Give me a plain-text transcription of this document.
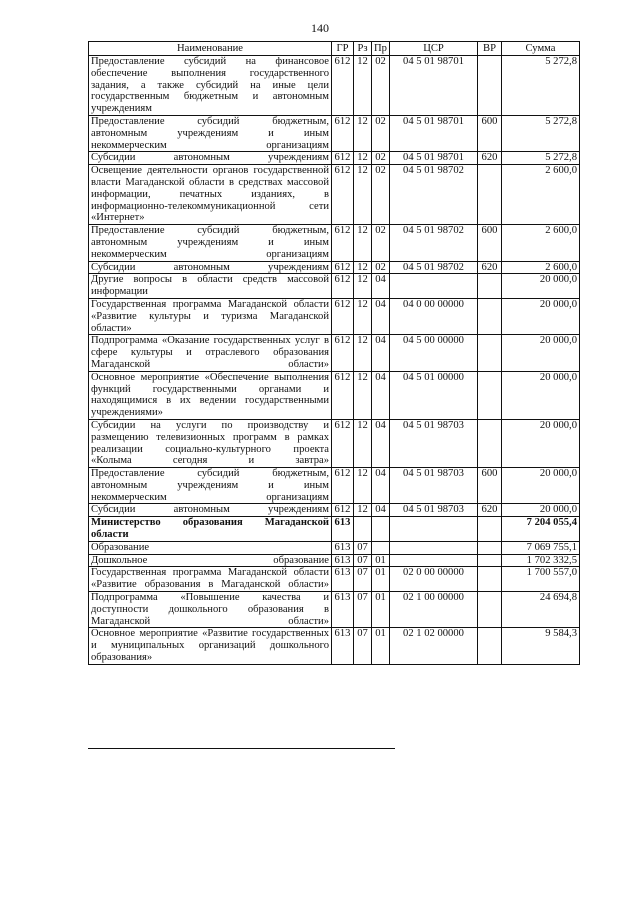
140
Наименование	ГР	Рз	Пр	ЦСР	ВР	Сумма

Предоставление субсидий на финансовое обеспечение выполнения государственного задания, а также субсидий на иные цели государственным бюджетным и автономным учреждениям	612	12	02	04 5 01 98701		5 272,8

Предоставление субсидий бюджетным, автономным учреждениям и иным некоммерческим организациям	612	12	02	04 5 01 98701	600	5 272,8

Субсидии автономным учреждениям	612	12	02	04 5 01 98701	620	5 272,8

Освещение деятельности органов государственной власти Магаданской области в средствах массовой информации, печатных изданиях, в информационно-телекоммуникационной сети «Интернет»	612	12	02	04 5 01 98702		2 600,0

Предоставление субсидий бюджетным, автономным учреждениям и иным некоммерческим организациям	612	12	02	04 5 01 98702	600	2 600,0

Субсидии автономным учреждениям	612	12	02	04 5 01 98702	620	2 600,0

Другие вопросы в области средств массовой информации	612	12	04			20 000,0

Государственная программа Магаданской области «Развитие культуры и туризма Магаданской области»	612	12	04	04 0 00 00000		20 000,0

Подпрограмма «Оказание государственных услуг в сфере культуры и отраслевого образования Магаданской области»	612	12	04	04 5 00 00000		20 000,0

Основное мероприятие «Обеспечение выполнения функций государственными органами и находящимися в их ведении государственными учреждениями»	612	12	04	04 5 01 00000		20 000,0

Субсидии на услуги по производству и размещению телевизионных программ в рамках реализации социально-культурного проекта «Колыма сегодня и завтра»	612	12	04	04 5 01 98703		20 000,0

Предоставление субсидий бюджетным, автономным учреждениям и иным некоммерческим организациям	612	12	04	04 5 01 98703	600	20 000,0

Субсидии автономным учреждениям	612	12	04	04 5 01 98703	620	20 000,0

Министерство образования Магаданской области	613					7 204 055,4

Образование	613	07				7 069 755,1

Дошкольное образование	613	07	01			1 702 332,5

Государственная программа Магаданской области «Развитие образования в Магаданской области»	613	07	01	02 0 00 00000		1 700 557,0

Подпрограмма «Повышение качества и доступности дошкольного образования в Магаданской области»	613	07	01	02 1 00 00000		24 694,8

Основное мероприятие «Развитие государственных и муниципальных организаций дошкольного образования»	613	07	01	02 1 02 00000		9 584,3
